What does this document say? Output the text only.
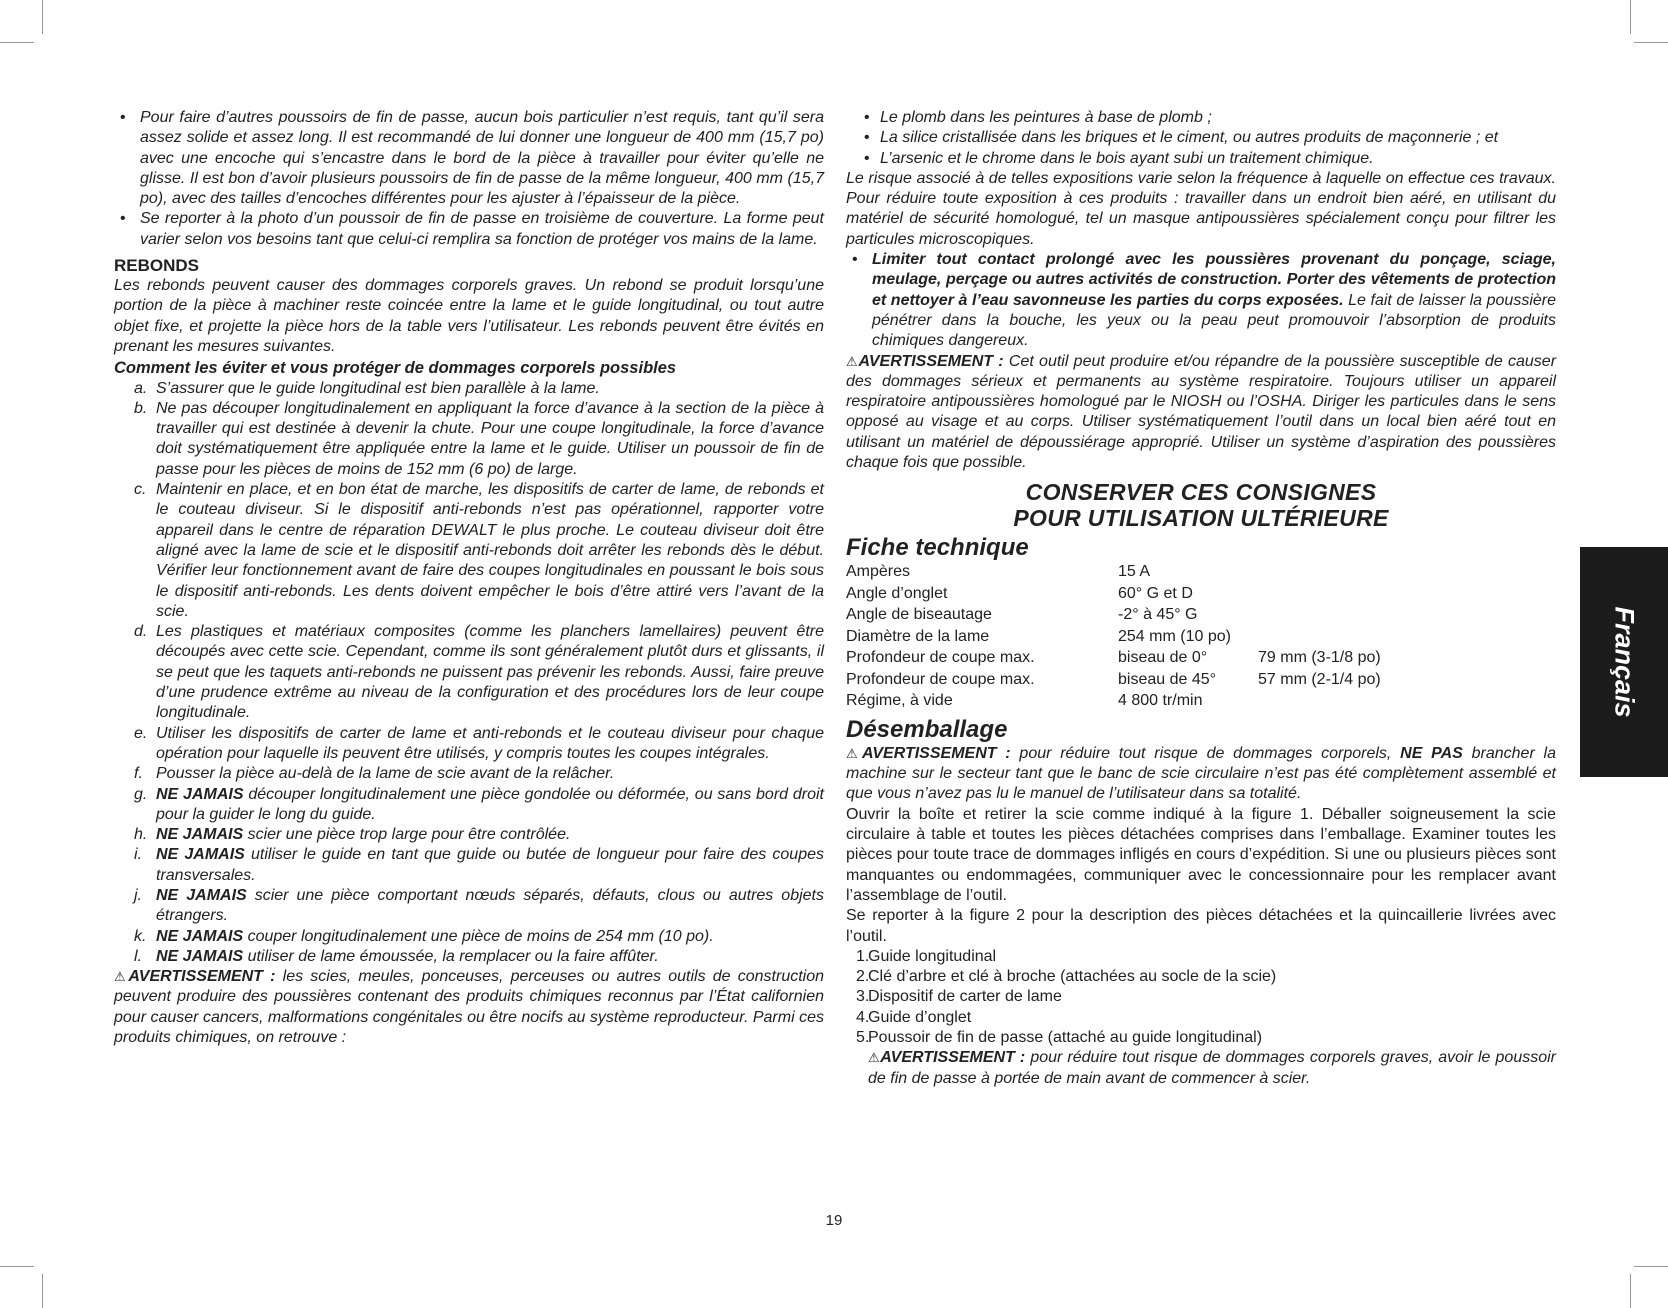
• Pour faire d’autres poussoirs de fin de passe, aucun bois particulier n’est requis, tant qu’il sera assez solide et assez long. Il est recommandé de lui donner une longueur de 400 mm (15,7 po) avec une encoche qui s’encastre dans le bord de la pièce à travailler pour éviter qu’elle ne glisse. Il est bon d’avoir plusieurs poussoirs de fin de passe de la même longueur, 400 mm (15,7 po), avec des tailles d’encoches différentes pour les ajuster à l’épaisseur de la pièce.
• Se reporter à la photo d’un poussoir de fin de passe en troisième de couverture. La forme peut varier selon vos besoins tant que celui-ci remplira sa fonction de protéger vos mains de la lame.
REBONDS
Les rebonds peuvent causer des dommages corporels graves. Un rebond se produit lorsqu’une portion de la pièce à machiner reste coincée entre la lame et le guide longitudinal, ou tout autre objet fixe, et projette la pièce hors de la table vers l’utilisateur. Les rebonds peuvent être évités en prenant les mesures suivantes.
Comment les éviter et vous protéger de dommages corporels possibles
a. S’assurer que le guide longitudinal est bien parallèle à la lame.
b. Ne pas découper longitudinalement en appliquant la force d’avance à la section de la pièce à travailler qui est destinée à devenir la chute. Pour une coupe longitudinale, la force d’avance doit systématiquement être appliquée entre la lame et le guide. Utiliser un poussoir de fin de passe pour les pièces de moins de 152 mm (6 po) de large.
c. Maintenir en place, et en bon état de marche, les dispositifs de carter de lame, de rebonds et le couteau diviseur. Si le dispositif anti-rebonds n’est pas opérationnel, rapporter votre appareil dans le centre de réparation DEWALT le plus proche. Le couteau diviseur doit être aligné avec la lame de scie et le dispositif anti-rebonds doit arrêter les rebonds dès le début. Vérifier leur fonctionnement avant de faire des coupes longitudinales en poussant le bois sous le dispositif anti-rebonds. Les dents doivent empêcher le bois d’être attiré vers l’avant de la scie.
d. Les plastiques et matériaux composites (comme les planchers lamellaires) peuvent être découpés avec cette scie. Cependant, comme ils sont généralement plutôt durs et glissants, il se peut que les taquets anti-rebonds ne puissent pas prévenir les rebonds. Aussi, faire preuve d’une prudence extrême au niveau de la configuration et des procédures lors de leur coupe longitudinale.
e. Utiliser les dispositifs de carter de lame et anti-rebonds et le couteau diviseur pour chaque opération pour laquelle ils peuvent être utilisés, y compris toutes les coupes intégrales.
f. Pousser la pièce au-delà de la lame de scie avant de la relâcher.
g. NE JAMAIS découper longitudinalement une pièce gondolée ou déformée, ou sans bord droit pour la guider le long du guide.
h. NE JAMAIS scier une pièce trop large pour être contrôlée.
i. NE JAMAIS utiliser le guide en tant que guide ou butée de longueur pour faire des coupes transversales.
j. NE JAMAIS scier une pièce comportant nœuds séparés, défauts, clous ou autres objets étrangers.
k. NE JAMAIS couper longitudinalement une pièce de moins de 254 mm (10 po).
l. NE JAMAIS utiliser de lame émoussée, la remplacer ou la faire affûter.
⚠AVERTISSEMENT : les scies, meules, ponceuses, perceuses ou autres outils de construction peuvent produire des poussières contenant des produits chimiques reconnus par l’État californien pour causer cancers, malformations congénitales ou être nocifs au système reproducteur. Parmi ces produits chimiques, on retrouve :
• Le plomb dans les peintures à base de plomb ;
• La silice cristallisée dans les briques et le ciment, ou autres produits de maçonnerie ; et
• L’arsenic et le chrome dans le bois ayant subi un traitement chimique.
Le risque associé à de telles expositions varie selon la fréquence à laquelle on effectue ces travaux. Pour réduire toute exposition à ces produits : travailler dans un endroit bien aéré, en utilisant du matériel de sécurité homologué, tel un masque antipoussières spécialement conçu pour filtrer les particules microscopiques.
• Limiter tout contact prolongé avec les poussières provenant du ponçage, sciage, meulage, perçage ou autres activités de construction. Porter des vêtements de protection et nettoyer à l’eau savonneuse les parties du corps exposées. Le fait de laisser la poussière pénétrer dans la bouche, les yeux ou la peau peut promouvoir l’absorption de produits chimiques dangereux.
⚠AVERTISSEMENT : Cet outil peut produire et/ou répandre de la poussière susceptible de causer des dommages sérieux et permanents au système respiratoire. Toujours utiliser un appareil respiratoire antipoussières homologué par le NIOSH ou l’OSHA. Diriger les particules dans le sens opposé au visage et au corps. Utiliser systématiquement l’outil dans un local bien aéré tout en utilisant un matériel de dépoussiérage approprié. Utiliser un système d’aspiration des poussières chaque fois que possible.
CONSERVER CES CONSIGNES
POUR UTILISATION ULTÉRIEURE
Fiche technique
Ampères	15 A	
Angle d’onglet	60° G et D	
Angle de biseautage	-2° à 45° G	
Diamètre de la lame	254 mm (10 po)	
Profondeur de coupe max.	biseau de 0°	79 mm (3-1/8 po)
Profondeur de coupe max.	biseau de 45°	57 mm (2-1/4 po)
Régime, à vide	4 800 tr/min	
Désemballage
⚠AVERTISSEMENT : pour réduire tout risque de dommages corporels, NE PAS brancher la machine sur le secteur tant que le banc de scie circulaire n’est pas été complètement assemblé et que vous n’avez pas lu le manuel de l’utilisateur dans sa totalité.
Ouvrir la boîte et retirer la scie comme indiqué à la figure 1. Déballer soigneusement la scie circulaire à table et toutes les pièces détachées comprises dans l’emballage. Examiner toutes les pièces pour toute trace de dommages infligés en cours d’expédition. Si une ou plusieurs pièces sont manquantes ou endommagées, communiquer avec le concessionnaire pour les remplacer avant l’assemblage de l’outil.
Se reporter à la figure 2 pour la description des pièces détachées et la quincaillerie livrées avec l’outil.
1.
Guide longitudinal
2.
Clé d’arbre et clé à broche (attachées au socle de la scie)
3.
Dispositif de carter de lame
4.
Guide d’onglet
5.
Poussoir de fin de passe (attaché au guide longitudinal)
⚠AVERTISSEMENT : pour réduire tout risque de dommages corporels graves, avoir le poussoir de fin de passe à portée de main avant de commencer à scier.
Français
19
